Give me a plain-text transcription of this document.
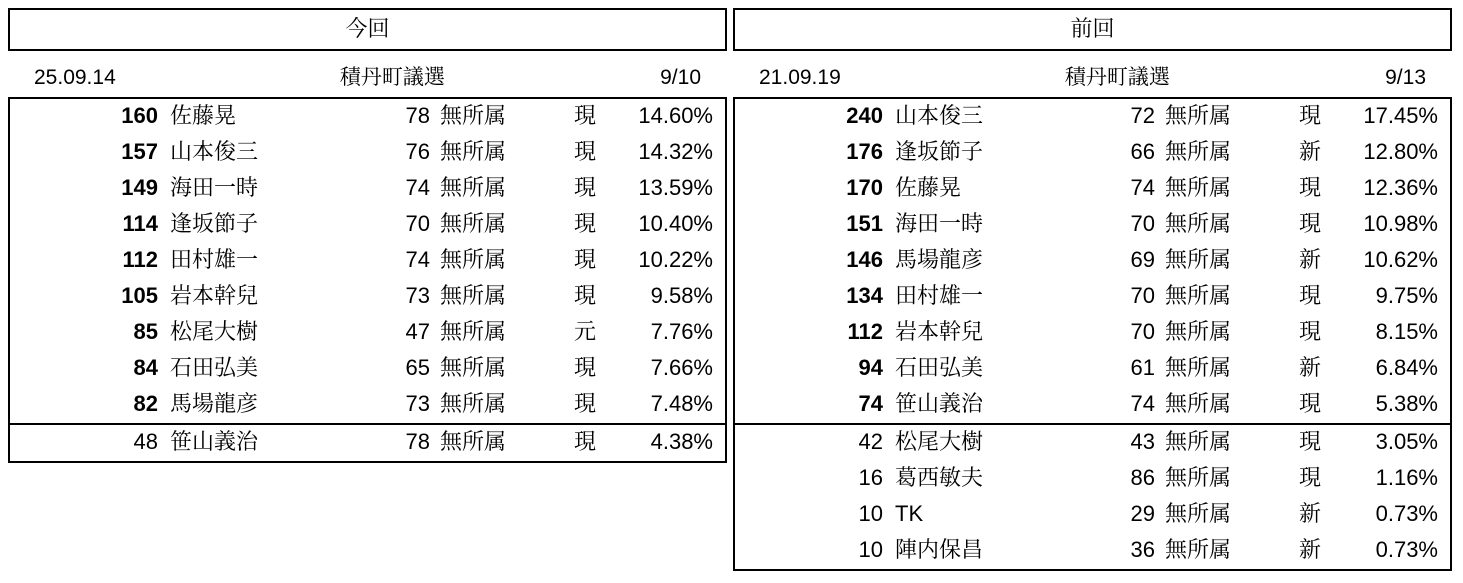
今回
25.09.14	積丹町議選	9/10
160 佐藤晃	78 無所属	現	14.60%
157 山本俊三	76 無所属	現	14.32%
149 海田一時	74 無所属	現	13.59%
114 逢坂節子	70 無所属	現	10.40%
112 田村雄一	74 無所属	現	10.22%
105 岩本幹兒	73 無所属	現	9.58%
85 松尾大樹	47 無所属	元	7.76%
84 石田弘美	65 無所属	現	7.66%
82 馬場龍彦	73 無所属	現	7.48%
48 笹山義治	78 無所属	現	4.38%
前回
21.09.19	積丹町議選	9/13
240 山本俊三	72 無所属	現	17.45%
176 逢坂節子	66 無所属	新	12.80%
170 佐藤晃	74 無所属	現	12.36%
151 海田一時	70 無所属	現	10.98%
146 馬場龍彦	69 無所属	新	10.62%
134 田村雄一	70 無所属	現	9.75%
112 岩本幹兒	70 無所属	現	8.15%
94 石田弘美	61 無所属	新	6.84%
74 笹山義治	74 無所属	現	5.38%
42 松尾大樹	43 無所属	現	3.05%
16 葛西敏夫	86 無所属	現	1.16%
10 TK	29 無所属	新	0.73%
10 陣内保昌	36 無所属	新	0.73%
